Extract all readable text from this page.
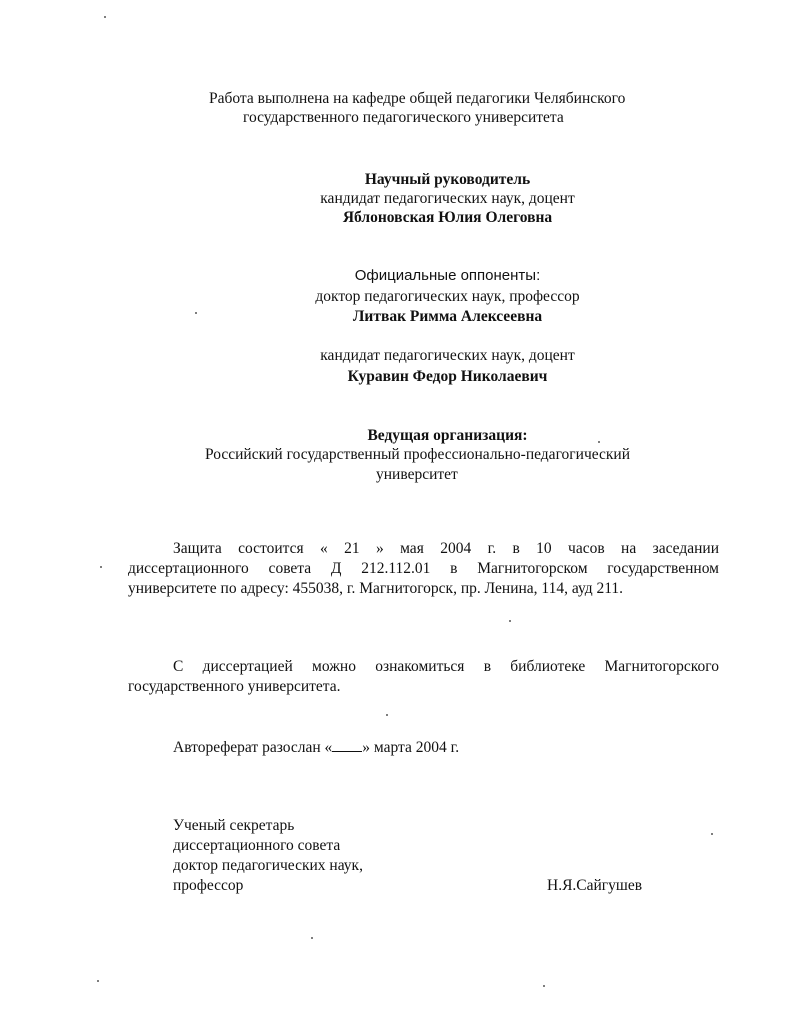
Работа выполнена на кафедре общей педагогики Челябинского
государственного педагогического университета
Научный руководитель
кандидат педагогических наук, доцент
Яблоновская Юлия Олеговна
Официальные оппоненты:
доктор педагогических наук, профессор
Литвак Римма Алексеевна
кандидат педагогических наук, доцент
Куравин Федор Николаевич
Ведущая организация:
Российский государственный профессионально-педагогический
университет
Защита состоится « 21 » мая 2004 г. в 10 часов на заседании
диссертационного совета Д 212.112.01 в Магнитогорском государственном
университете по адресу: 455038, г. Магнитогорск, пр. Ленина, 114, ауд 211.
С диссертацией можно ознакомиться в библиотеке Магнитогорского
государственного университета.
Автореферат разослан « » марта 2004 г.
Ученый секретарь
диссертационного совета
доктор педагогических наук,
профессор	Н.Я.Сайгушев
